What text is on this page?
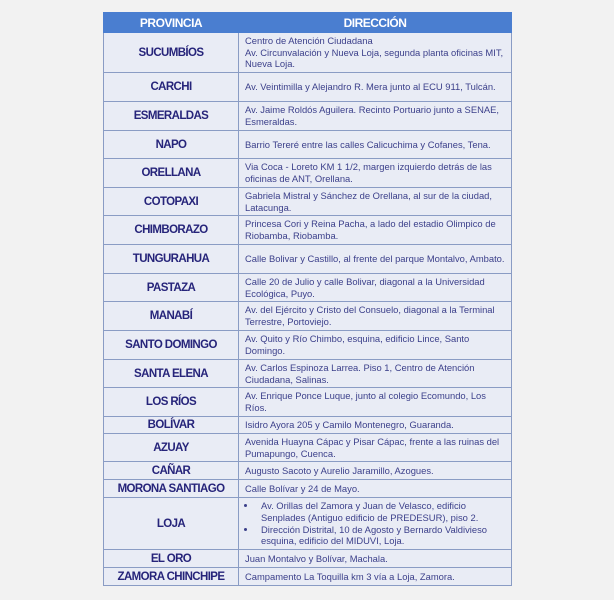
PROVINCIA	DIRECCIÓN
SUCUMBÍOS	Centro de Atención Ciudadana
Av. Circunvalación y Nueva Loja, segunda planta oficinas MIT, Nueva Loja.

CARCHI	Av. Veintimilla y Alejandro R. Mera junto al ECU 911, Tulcán.
ESMERALDAS	Av. Jaime Roldós Aguilera. Recinto Portuario junto a SENAE, Esmeraldas.
NAPO	Barrio Tereré entre las calles Calicuchima y Cofanes, Tena.
ORELLANA	Via Coca - Loreto KM 1 1/2, margen izquierdo detrás de las oficinas de ANT, Orellana.
COTOPAXI	Gabriela Mistral y Sánchez de Orellana, al sur de la ciudad, Latacunga.
CHIMBORAZO	Princesa Cori y Reina Pacha, a lado del estadio Olimpico de Riobamba, Riobamba.
TUNGURAHUA	Calle Bolivar y Castillo, al frente del parque Montalvo, Ambato.
PASTAZA	Calle 20 de Julio y calle Bolivar, diagonal a la Universidad Ecológica, Puyo.
MANABÍ	Av. del Ejército y Cristo del Consuelo, diagonal a la Terminal Terrestre, Portoviejo.
SANTO DOMINGO	Av. Quito y Río Chimbo, esquina, edificio Lince, Santo Domingo.
SANTA ELENA	Av. Carlos Espinoza Larrea. Piso 1, Centro de Atención Ciudadana, Salinas.
LOS RÍOS	Av. Enrique Ponce Luque, junto al colegio Ecomundo, Los Ríos.
BOLÍVAR	Isidro Ayora 205 y Camilo Montenegro, Guaranda.
AZUAY	Avenida Huayna Cápac y Pisar Cápac, frente a las ruinas del Pumapungo, Cuenca.
CAÑAR	Augusto Sacoto y Aurelio Jaramillo, Azogues.
MORONA SANTIAGO	Calle Bolívar y 24 de Mayo.
LOJA	
• Av. Orillas del Zamora y Juan de Velasco, edificio Senplades (Antiguo edificio de PREDESUR), piso 2.
• Dirección Distrital, 10 de Agosto y Bernardo Valdivieso esquina, edificio del MIDUVI, Loja.

EL ORO	Juan Montalvo y Bolívar, Machala.
ZAMORA CHINCHIPE	Campamento La Toquilla km 3 vía a Loja, Zamora.
